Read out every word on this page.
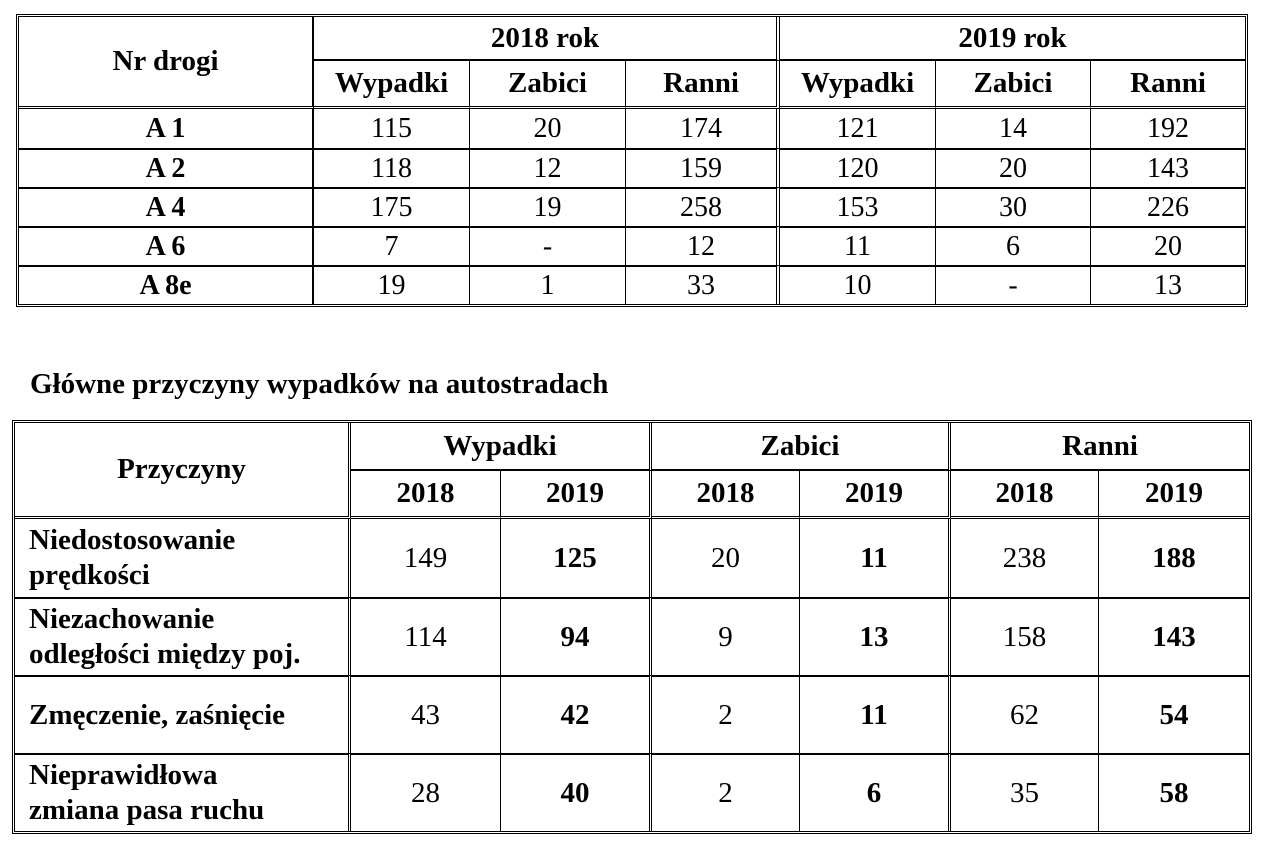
Nr drogi	2018 rok			2019 rok		
	Wypadki	Zabici	Ranni	Wypadki	Zabici	Ranni
A 1	115	20	174	121	14	192
A 2	118	12	159	120	20	143
A 4	175	19	258	153	30	226
A 6	7	-	12	11	6	20
A 8e	19	1	33	10	-	13
Główne przyczyny wypadków na autostradach
Przyczyny	Wypadki		Zabici		Ranni	
	2018	2019	2018	2019	2018	2019
Niedostosowanie
prędkości	149	125	20	11	238	188
Niezachowanie
odległości między poj.	114	94	9	13	158	143
Zmęczenie, zaśnięcie	43	42	2	11	62	54
Nieprawidłowa
zmiana pasa ruchu	28	40	2	6	35	58
